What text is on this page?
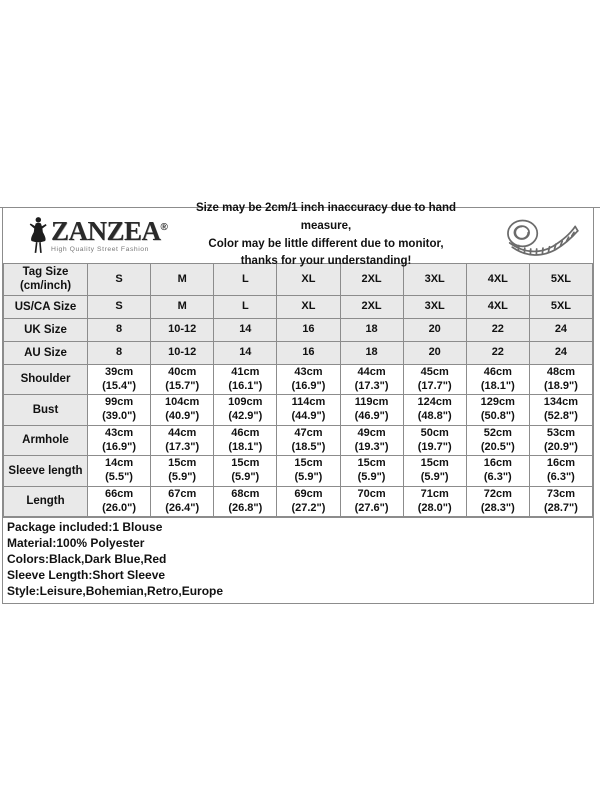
ZANZEA®
High Quality Street Fashion
Size may be 2cm/1 inch inaccuracy due to hand measure,
Color may be little different due to monitor,
thanks for your understanding!
Tag Size
(cm/inch)	S	M	L	XL	2XL	3XL	4XL	5XL
US/CA Size	S	M	L	XL	2XL	3XL	4XL	5XL
UK Size	8	10-12	14	16	18	20	22	24
AU Size	8	10-12	14	16	18	20	22	24
Shoulder	39cm
(15.4")	40cm
(15.7")	41cm
(16.1")	43cm
(16.9")	44cm
(17.3")	45cm
(17.7")	46cm
(18.1")	48cm
(18.9")
Bust	99cm
(39.0")	104cm
(40.9")	109cm
(42.9")	114cm
(44.9")	119cm
(46.9")	124cm
(48.8")	129cm
(50.8")	134cm
(52.8")
Armhole	43cm
(16.9")	44cm
(17.3")	46cm
(18.1")	47cm
(18.5")	49cm
(19.3")	50cm
(19.7")	52cm
(20.5")	53cm
(20.9")
Sleeve length	14cm
(5.5")	15cm
(5.9")	15cm
(5.9")	15cm
(5.9")	15cm
(5.9")	15cm
(5.9")	16cm
(6.3")	16cm
(6.3")
Length	66cm
(26.0")	67cm
(26.4")	68cm
(26.8")	69cm
(27.2")	70cm
(27.6")	71cm
(28.0")	72cm
(28.3")	73cm
(28.7")
Package included:1 Blouse
Material:100% Polyester
Colors:Black,Dark Blue,Red
Sleeve Length:Short Sleeve
Style:Leisure,Bohemian,Retro,Europe
